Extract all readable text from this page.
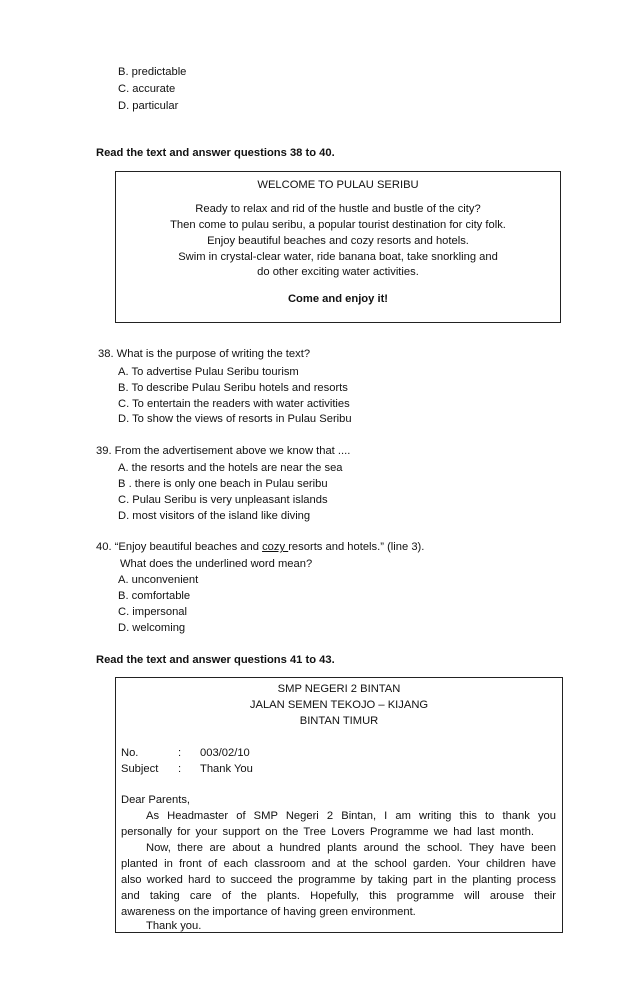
B. predictable
C. accurate
D. particular
Read the text and answer questions 38 to 40.
WELCOME TO PULAU SERIBU
Ready to relax and rid of the hustle and bustle of the city?
Then come to pulau seribu, a popular tourist destination for city folk.
Enjoy beautiful beaches and cozy resorts and hotels.
Swim in crystal-clear water, ride banana boat, take snorkling and
do other exciting water activities.
Come and enjoy it!
38. What is the purpose of writing the text?
A. To advertise Pulau Seribu tourism
B. To describe Pulau Seribu hotels and resorts
C. To entertain the readers with water activities
D. To show the views of resorts in Pulau Seribu
39. From the advertisement above we know that ....
A. the resorts and the hotels are near the sea
B . there is only one beach in Pulau seribu
C. Pulau Seribu is very unpleasant islands
D. most visitors of the island like diving
40. “Enjoy beautiful beaches and cozy resorts and hotels.” (line 3).
What does the underlined word mean?
A. unconvenient
B. comfortable
C. impersonal
D. welcoming
Read the text and answer questions 41 to 43.
SMP NEGERI 2 BINTAN
JALAN SEMEN TEKOJO – KIJANG
BINTAN TIMUR
No.	: 003/02/10
Subject : Thank You
Dear Parents,
As Headmaster of SMP Negeri 2 Bintan, I am writing this to thank you
personally for your support on the Tree Lovers Programme we had last month.
Now, there are about a hundred plants around the school. They have been
planted in front of each classroom and at the school garden. Your children have
also worked hard to succeed the programme by taking part in the planting process
and taking care of the plants. Hopefully, this programme will arouse their
awareness on the importance of having green environment.
Thank you.
